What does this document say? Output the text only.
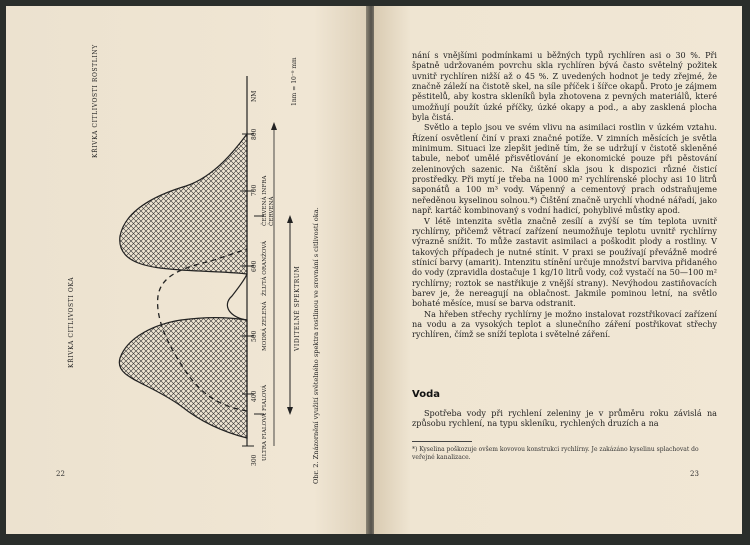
KŘIVKA CITLIVOSTI ROSTLINY
KŘIVKA CITLIVOSTI OKA
300
400
500
600
700
800
NM	1nm = 10⁻⁹ mm
ULTRA FIALOVÁ
FIALOVÁ
MODRÁ ZELENÁ
ŽLUTÁ ORANŽOVÁ
ČERVENÁ INFRA ČERVENÁ
VIDITELNÉ SPEKTRUM Obr. 2. Znázornění využití světelného spektra rostlinou ve srovnání s citlivostí oka.
22

nání s vnějšími podmínkami u běžných typů rychlíren asi o 30 %. Při špatně udržovaném povrchu skla rychlíren bývá často světelný požitek uvnitř rychlíren nižší až o 45 %. Z uvedených hodnot je tedy zřejmé, že značně záleží na čistotě skel, na síle příček i šířce okapů. Proto je zájmem pěstitelů, aby kostra skleníků byla zhotovena z pevných materiálů, které umožňují použít úzké příčky, úzké okapy a pod., a aby zasklená plocha byla čistá.

Světlo a teplo jsou ve svém vlivu na asimilaci rostlin v úzkém vztahu. Řízení osvětlení činí v praxi značné potíže. V zimních měsících je světla minimum. Situaci lze zlepšit jedině tím, že se udržují v čistotě skleněné tabule, neboť umělé přisvětlování je ekonomické pouze při pěstování zeleninových sazenic. Na čištění skla jsou k dispozici různé čisticí prostředky. Při mytí je třeba na 1000 m² rychlírenské plochy asi 10 litrů saponátů a 100 m³ vody. Vápenný a cementový prach odstraňujeme neředěnou kyselinou solnou.*) Čištění značně urychlí vhodné nářadí, jako např. kartáč kombinovaný s vodní hadicí, pohyblivé můstky apod.

V létě intenzita světla značně zesílí a zvýší se tím teplota uvnitř rychlírny, přičemž větrací zařízení neumožňuje teplotu uvnitř rychlírny výrazně snížit. To může zastavit asimilaci a poškodit plody a rostliny. V takových případech je nutné stínit. V praxi se používají převážně modré stínicí barvy (amarit). Intenzitu stínění určuje množství barviva přidaného do vody (zpravidla dostačuje 1 kg/10 litrů vody, což vystačí na 50—100 m² rychlírny; roztok se nastřikuje z vnější strany). Nevýhodou zastiňovacích barev je, že nereagují na oblačnost. Jakmile pominou letní, na světlo bohaté měsíce, musí se barva odstranit.

Na hřeben střechy rychlírny je možno instalovat rozstřikovací zařízení na vodu a za vysokých teplot a slunečního záření postřikovat střechy rychlíren, čímž se sníží teplota i světelné záření.

Voda

Spotřeba vody při rychlení zeleniny je v průměru roku závislá na způsobu rychlení, na typu skleníku, rychlených druzích a na

*) Kyselina poškozuje ovšem kovovou konstrukci rychlírny. Je zakázáno kyselinu splachovat do veřejné kanalizace.
23
